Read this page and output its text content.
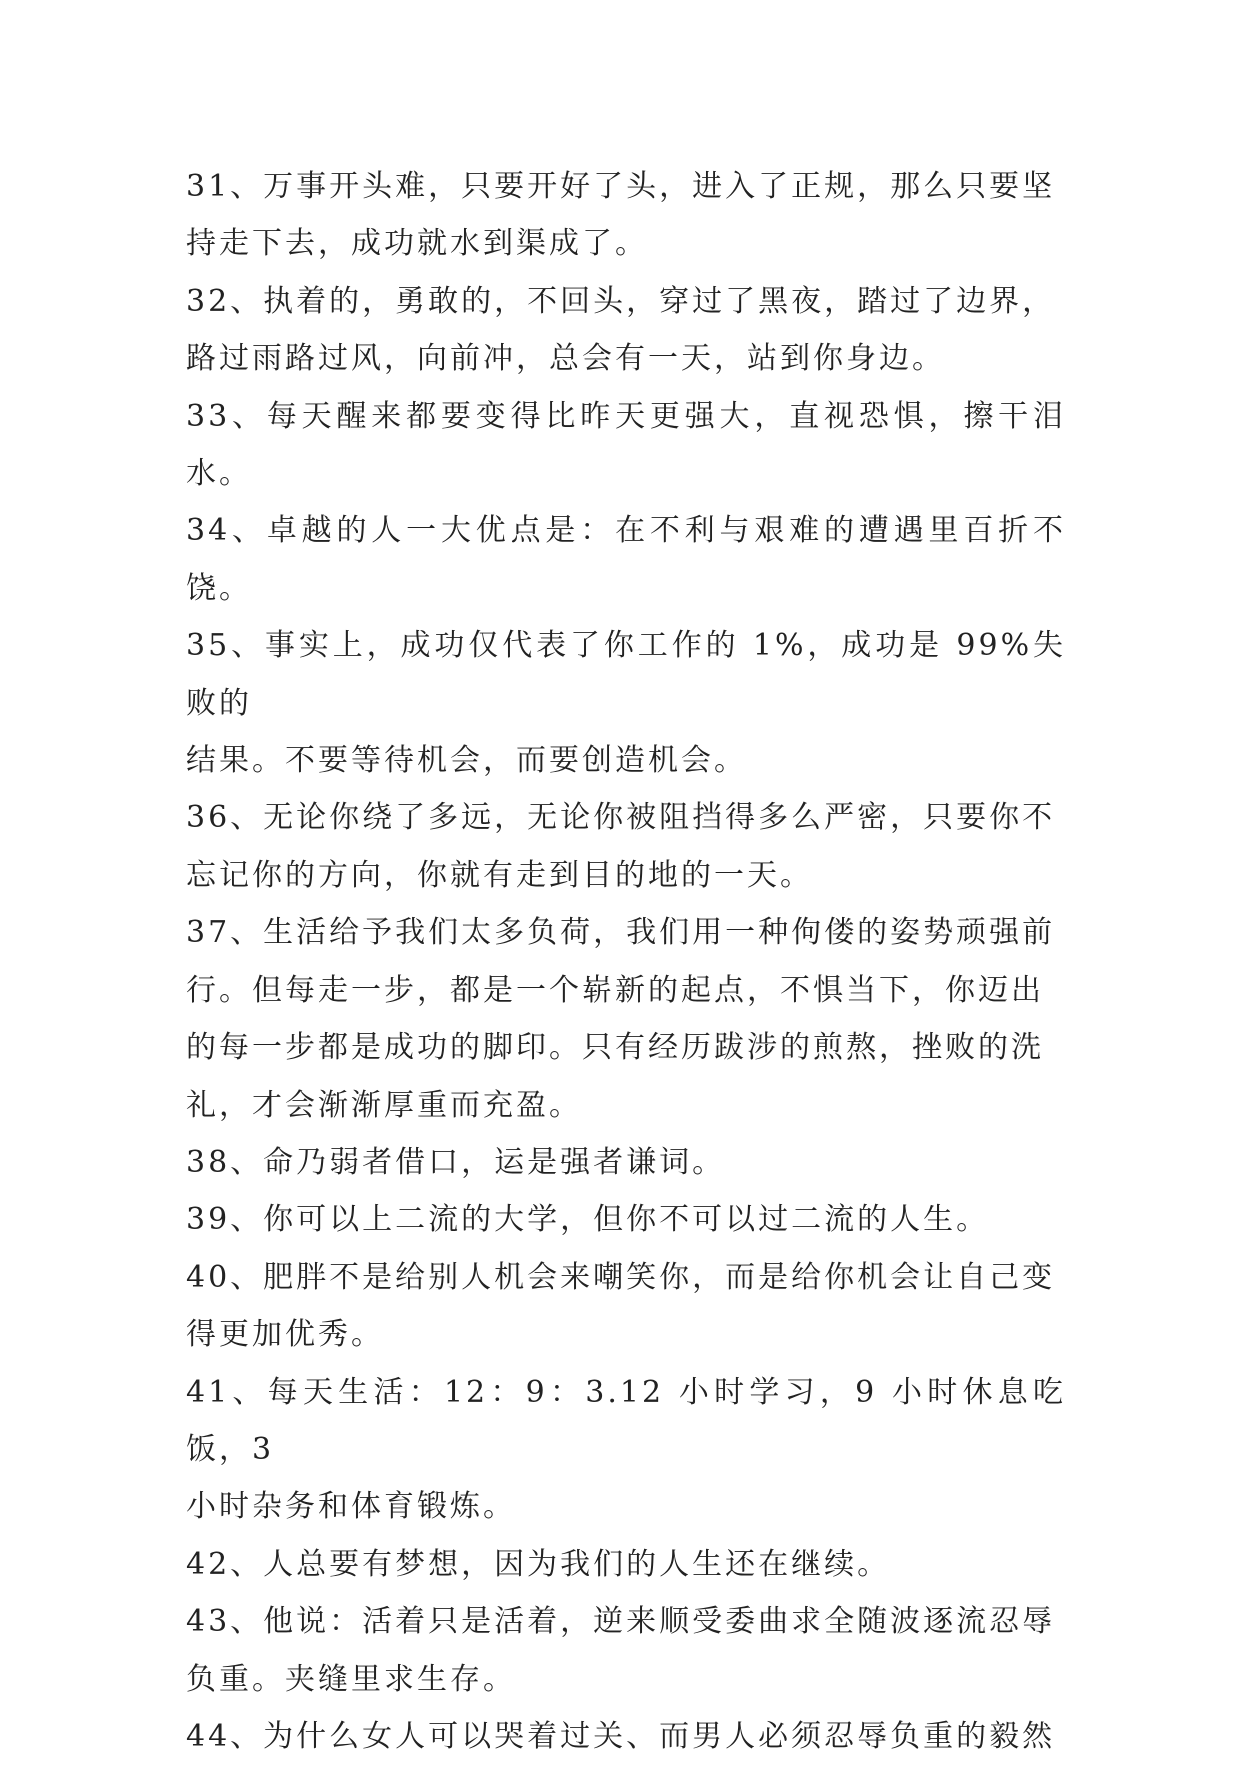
31、万事开头难，只要开好了头，进入了正规，那么只要坚

持走下去，成功就水到渠成了。

32、执着的，勇敢的，不回头，穿过了黑夜，踏过了边界，

路过雨路过风，向前冲，总会有一天，站到你身边。

33、每天醒来都要变得比昨天更强大，直视恐惧，擦干泪水。

34、卓越的人一大优点是：在不利与艰难的遭遇里百折不饶。

35、事实上，成功仅代表了你工作的 1%，成功是 99%失败的

结果。不要等待机会，而要创造机会。

36、无论你绕了多远，无论你被阻挡得多么严密，只要你不

忘记你的方向，你就有走到目的地的一天。

37、生活给予我们太多负荷，我们用一种佝偻的姿势顽强前

行。但每走一步，都是一个崭新的起点，不惧当下，你迈出

的每一步都是成功的脚印。只有经历跋涉的煎熬，挫败的洗

礼，才会渐渐厚重而充盈。

38、命乃弱者借口，运是强者谦词。

39、你可以上二流的大学，但你不可以过二流的人生。

40、肥胖不是给别人机会来嘲笑你，而是给你机会让自己变

得更加优秀。

41、每天生活：12：9：3.12 小时学习，9 小时休息吃饭，3

小时杂务和体育锻炼。

42、人总要有梦想，因为我们的人生还在继续。

43、他说：活着只是活着，逆来顺受委曲求全随波逐流忍辱

负重。夹缝里求生存。

44、为什么女人可以哭着过关、而男人必须忍辱负重的毅然
